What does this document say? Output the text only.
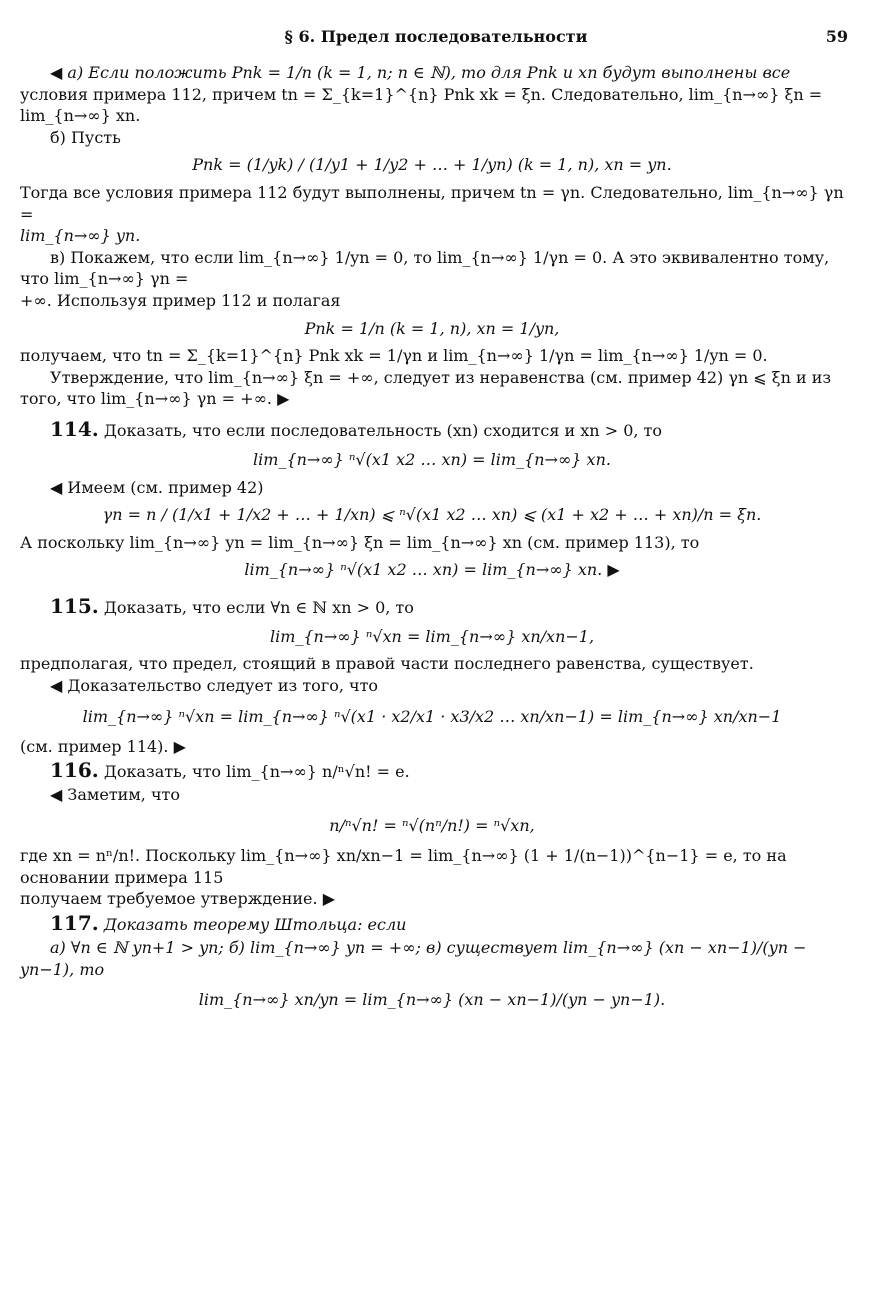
§ 6. Предел последовательности	59
◀ а) Если положить Pnk = 1/n (k = 1, n; n ∈ ℕ), то для Pnk и xn будут выполнены все
условия примера 112, причем tn = Σ_{k=1}^{n} Pnk xk = ξn. Следовательно, lim_{n→∞} ξn = lim_{n→∞} xn.
б) Пусть
Pnk = (1/yk) / (1/y1 + 1/y2 + … + 1/yn) (k = 1, n), xn = yn.
Тогда все условия примера 112 будут выполнены, причем tn = γn. Следовательно, lim_{n→∞} γn =
lim_{n→∞} yn.
в) Покажем, что если lim_{n→∞} 1/yn = 0, то lim_{n→∞} 1/γn = 0. А это эквивалентно тому, что lim_{n→∞} γn =
+∞. Используя пример 112 и полагая
Pnk = 1/n (k = 1, n), xn = 1/yn,
получаем, что tn = Σ_{k=1}^{n} Pnk xk = 1/γn и lim_{n→∞} 1/γn = lim_{n→∞} 1/yn = 0.
Утверждение, что lim_{n→∞} ξn = +∞, следует из неравенства (см. пример 42) γn ⩽ ξn и из
того, что lim_{n→∞} γn = +∞. ▶
114. Доказать, что если последовательность (xn) сходится и xn > 0, то
lim_{n→∞} ⁿ√(x1 x2 … xn) = lim_{n→∞} xn.
◀ Имеем (см. пример 42)
γn = n / (1/x1 + 1/x2 + … + 1/xn) ⩽ ⁿ√(x1 x2 … xn) ⩽ (x1 + x2 + … + xn)/n = ξn.
А поскольку lim_{n→∞} yn = lim_{n→∞} ξn = lim_{n→∞} xn (см. пример 113), то
lim_{n→∞} ⁿ√(x1 x2 … xn) = lim_{n→∞} xn. ▶
115. Доказать, что если ∀n ∈ ℕ xn > 0, то
lim_{n→∞} ⁿ√xn = lim_{n→∞} xn/xn−1,
предполагая, что предел, стоящий в правой части последнего равенства, существует.
◀ Доказательство следует из того, что
lim_{n→∞} ⁿ√xn = lim_{n→∞} ⁿ√(x1 · x2/x1 · x3/x2 … xn/xn−1) = lim_{n→∞} xn/xn−1
(см. пример 114). ▶
116. Доказать, что lim_{n→∞} n/ⁿ√n! = e.
◀ Заметим, что
n/ⁿ√n! = ⁿ√(nⁿ/n!) = ⁿ√xn,
где xn = nⁿ/n!. Поскольку lim_{n→∞} xn/xn−1 = lim_{n→∞} (1 + 1/(n−1))^{n−1} = e, то на основании примера 115
получаем требуемое утверждение. ▶
117. Доказать теорему Штольца: если
а) ∀n ∈ ℕ yn+1 > yn; б) lim_{n→∞} yn = +∞; в) существует lim_{n→∞} (xn − xn−1)/(yn − yn−1), то
lim_{n→∞} xn/yn = lim_{n→∞} (xn − xn−1)/(yn − yn−1).
